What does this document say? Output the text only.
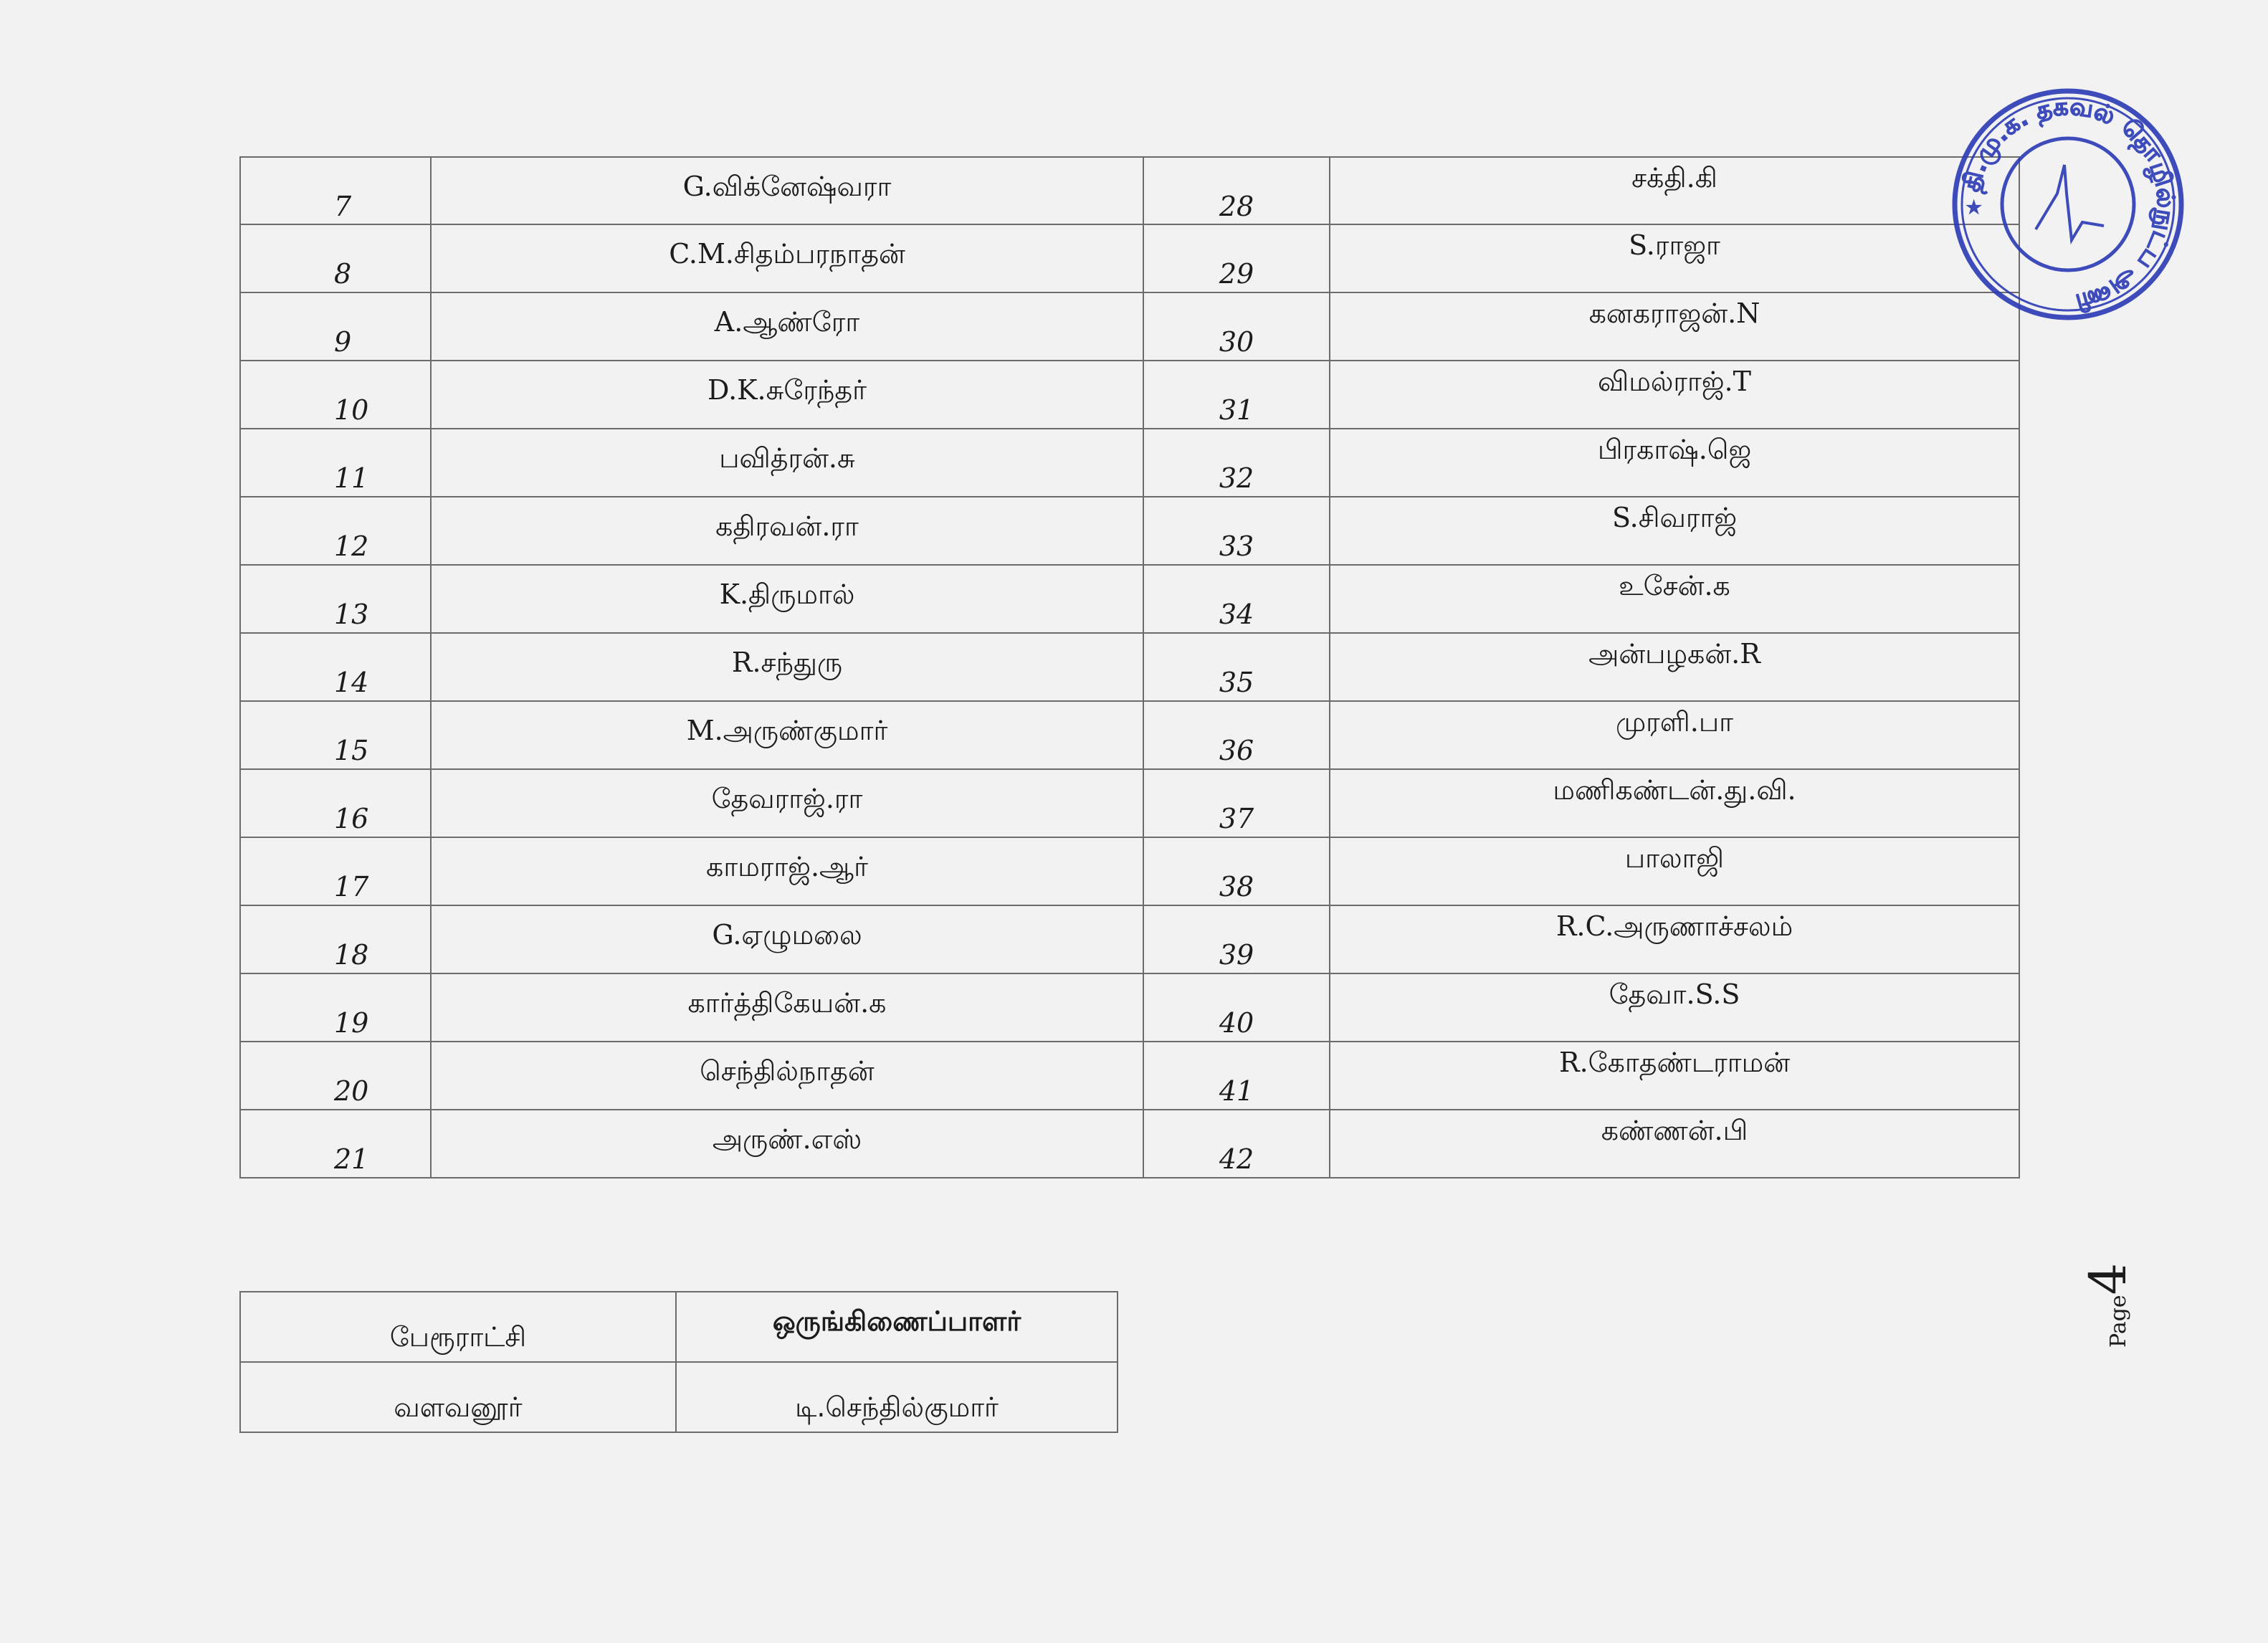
7	G.விக்னேஷ்வரா	28	சக்தி.கி

8	C.M.சிதம்பரநாதன்	29	S.ராஜா

9	A.ஆண்ரோ	30	கனகராஜன்.N

10	D.K.சுரேந்தர்	31	விமல்ராஜ்.T

11	பவித்ரன்.சு	32	பிரகாஷ்.ஜெ

12	கதிரவன்.ரா	33	S.சிவராஜ்

13	K.திருமால்	34	உசேன்.க

14	R.சந்துரு	35	அன்பழகன்.R

15	M.அருண்குமார்	36	முரளி.பா

16	தேவராஜ்.ரா	37	மணிகண்டன்.து.வி.

17	காமராஜ்.ஆர்	38	பாலாஜி

18	G.ஏழுமலை	39	R.C.அருணாச்சலம்

19	கார்த்திகேயன்.க	40	தேவா.S.S

20	செந்தில்நாதன்	41	R.கோதண்டராமன்

21	அருண்.எஸ்	42	கண்ணன்.பி
பேரூராட்சி	ஒருங்கிணைப்பாளர்

வளவனூர்	டி.செந்தில்குமார்
Page4
தி.மு.க. தகவல் தொழில்நுட்ப அணி
★
